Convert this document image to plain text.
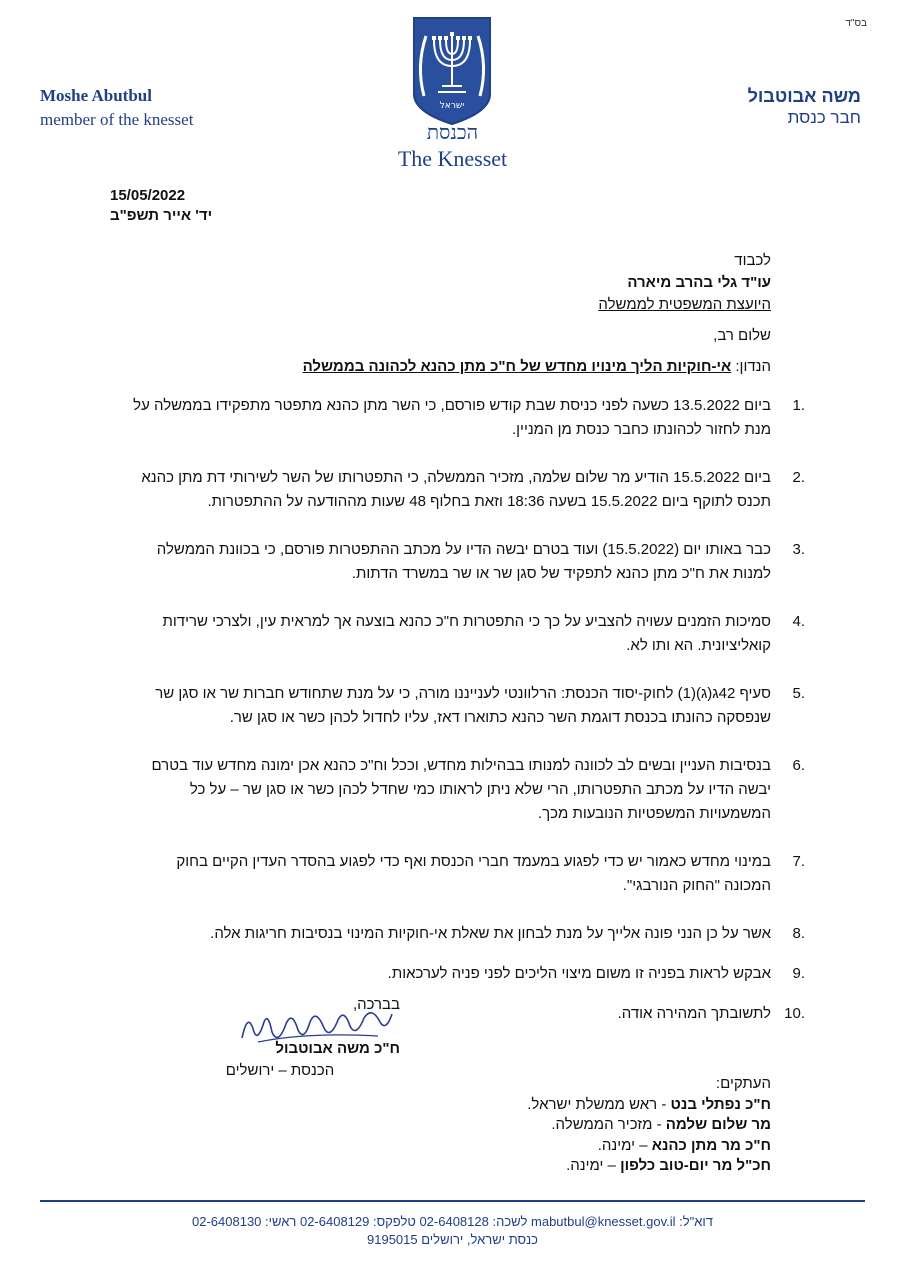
בס"ד
Moshe Abutbul
member of the knesset
ישראל
הכנסת
The Knesset
משה אבוטבול
חבר כנסת
15/05/2022
יד' אייר תשפ"ב
לכבוד
עו"ד גלי בהרב מיארה
היועצת המשפטית לממשלה
שלום רב,
הנדון: אי-חוקיות הליך מינויו מחדש של ח"כ מתן כהנא לכהונה בממשלה
1.
ביום 13.5.2022 כשעה לפני כניסת שבת קודש פורסם, כי השר מתן כהנא מתפטר מתפקידו בממשלה על מנת לחזור לכהונתו כחבר כנסת מן המניין.
2.
ביום 15.5.2022 הודיע מר שלום שלמה, מזכיר הממשלה, כי התפטרותו של השר לשירותי דת מתן כהנא תכנס לתוקף ביום 15.5.2022 בשעה 18:36 וזאת בחלוף 48 שעות מההודעה על ההתפטרות.
3.
כבר באותו יום (15.5.2022) ועוד בטרם יבשה הדיו על מכתב ההתפטרות פורסם, כי בכוונת הממשלה למנות את ח"כ מתן כהנא לתפקיד של סגן שר או שר במשרד הדתות.
4.
סמיכות הזמנים עשויה להצביע על כך כי התפטרות ח"כ כהנא בוצעה אך למראית עין, ולצרכי שרידות קואליציונית. הא ותו לא.
5.
סעיף 42ג(ג)(1) לחוק-יסוד הכנסת: הרלוונטי לענייננו מורה, כי על מנת שתחודש חברות שר או סגן שר שנפסקה כהונתו בכנסת דוגמת השר כהנא כתוארו דאז, עליו לחדול לכהן כשר או סגן שר.
6.
בנסיבות העניין ובשים לב לכוונה למנותו בבהילות מחדש, וככל וח"כ כהנא אכן ימונה מחדש עוד בטרם יבשה הדיו על מכתב התפטרותו, הרי שלא ניתן לראותו כמי שחדל לכהן כשר או סגן שר – על כל המשמעויות המשפטיות הנובעות מכך.
7.
במינוי מחדש כאמור יש כדי לפגוע במעמד חברי הכנסת ואף כדי לפגוע בהסדר העדין הקיים בחוק המכונה "החוק הנורבגי".
8.
אשר על כן הנני פונה אלייך על מנת לבחון את שאלת אי-חוקיות המינוי בנסיבות חריגות אלה.
9.
אבקש לראות בפניה זו משום מיצוי הליכים לפני פניה לערכאות.
10.
לתשובתך המהירה אודה.
בברכה,
ח"כ משה אבוטבול
הכנסת – ירושלים
העתקים:
ח"כ נפתלי בנט - ראש ממשלת ישראל.
מר שלום שלמה - מזכיר הממשלה.
ח"כ מר מתן כהנא – ימינה.
חכ"ל מר יום-טוב כלפון – ימינה.
דוא"ל: mabutbul@knesset.gov.il לשכה: 02-6408128 טלפקס: 02-6408129 ראשי: 02-6408130
כנסת ישראל, ירושלים 9195015
